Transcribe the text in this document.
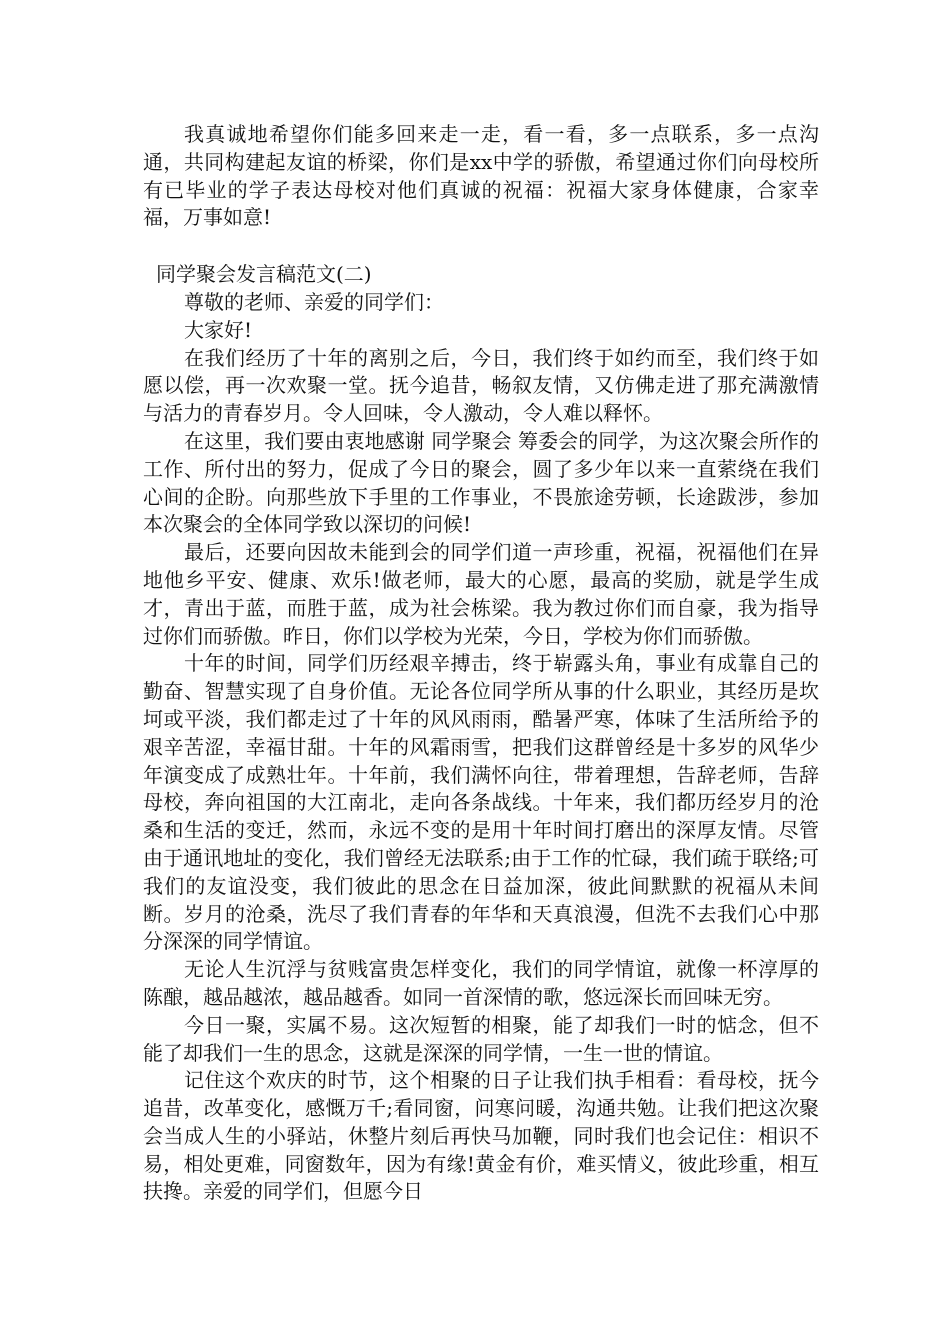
我真诚地希望你们能多回来走一走，看一看，多一点联系，多一点沟通，共同构建起友谊的桥梁，你们是xx中学的骄傲，希望通过你们向母校所有已毕业的学子表达母校对他们真诚的祝福：祝福大家身体健康，合家幸福，万事如意!

同学聚会发言稿范文(二)

尊敬的老师、亲爱的同学们：

大家好!

在我们经历了十年的离别之后，今日，我们终于如约而至，我们终于如愿以偿，再一次欢聚一堂。抚今追昔，畅叙友情，又仿佛走进了那充满激情与活力的青春岁月。令人回味，令人激动，令人难以释怀。

在这里，我们要由衷地感谢 同学聚会 筹委会的同学，为这次聚会所作的工作、所付出的努力，促成了今日的聚会，圆了多少年以来一直萦绕在我们心间的企盼。向那些放下手里的工作事业，不畏旅途劳顿，长途跋涉，参加本次聚会的全体同学致以深切的问候!

最后，还要向因故未能到会的同学们道一声珍重，祝福，祝福他们在异地他乡平安、健康、欢乐!做老师，最大的心愿，最高的奖励，就是学生成才，青出于蓝，而胜于蓝，成为社会栋梁。我为教过你们而自豪，我为指导过你们而骄傲。昨日，你们以学校为光荣，今日，学校为你们而骄傲。

十年的时间，同学们历经艰辛搏击，终于崭露头角，事业有成靠自己的勤奋、智慧实现了自身价值。无论各位同学所从事的什么职业，其经历是坎坷或平淡，我们都走过了十年的风风雨雨，酷暑严寒，体味了生活所给予的艰辛苦涩，幸福甘甜。十年的风霜雨雪，把我们这群曾经是十多岁的风华少年演变成了成熟壮年。十年前，我们满怀向往，带着理想，告辞老师，告辞母校，奔向祖国的大江南北，走向各条战线。十年来，我们都历经岁月的沧桑和生活的变迁，然而，永远不变的是用十年时间打磨出的深厚友情。尽管由于通讯地址的变化，我们曾经无法联系;由于工作的忙碌，我们疏于联络;可我们的友谊没变，我们彼此的思念在日益加深，彼此间默默的祝福从未间断。岁月的沧桑，洗尽了我们青春的年华和天真浪漫，但洗不去我们心中那分深深的同学情谊。

无论人生沉浮与贫贱富贵怎样变化，我们的同学情谊，就像一杯淳厚的陈酿，越品越浓，越品越香。如同一首深情的歌，悠远深长而回味无穷。

今日一聚，实属不易。这次短暂的相聚，能了却我们一时的惦念，但不能了却我们一生的思念，这就是深深的同学情，一生一世的情谊。

记住这个欢庆的时节，这个相聚的日子让我们执手相看：看母校，抚今追昔，改革变化，感慨万千;看同窗，问寒问暖，沟通共勉。让我们把这次聚会当成人生的小驿站，休整片刻后再快马加鞭，同时我们也会记住：相识不易，相处更难，同窗数年，因为有缘!黄金有价，难买情义，彼此珍重，相互扶搀。亲爱的同学们，但愿今日
